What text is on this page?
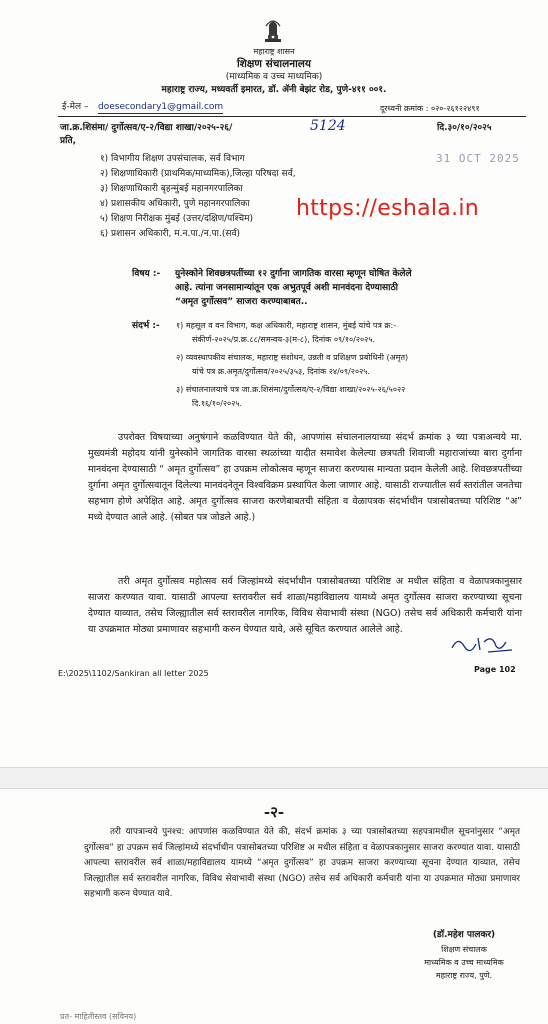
महाराष्ट्र शासन
शिक्षण संचालनालय
(माध्यमिक व उच्च माध्यमिक)
महाराष्ट्र राज्य, मध्यवर्ती इमारत, डॉ. ॲनी बेझंट रोड, पुणे-४११ ००१.
ई-मेल – doesecondary1@gmail.com	दूरध्वनी क्रमांक : ०२०-२६१२२४९१
जा.क्र.शिसंमा/ दुर्गोत्सव/ए-२/विद्या शाखा/२०२५-२६/	5124	दि.३०/१०/२०२५
प्रति,
31 OCT 2025
१) विभागीय शिक्षण उपसंचालक, सर्व विभाग
२) शिक्षणाधिकारी (प्राथमिक/माध्यमिक),जिल्हा परिषदा सर्व,
३) शिक्षणाधिकारी बृहन्मुंबई महानगरपालिका
४) प्रशासकीय अधिकारी, पुणे महानगरपालिका
५) शिक्षण निरीक्षक मुंबई (उत्तर/दक्षिण/पश्चिम)
६) प्रशासन अधिकारी, म.न.पा./न.पा.(सर्व)
https://eshala.in
विषय :- युनेस्कोने शिवछत्रपतींच्या १२ दुर्गाना जागतिक वारसा म्हणून घोषित केलेले
आहे. त्यांना जनसामान्यांतून एक अभुतपूर्व अशी मानवंदना देण्यासाठी
“अमृत दुर्गोत्सव” साजरा करण्याबाबत..
संदर्भ :- १) महसूल व वन विभाग, कक्ष अधिकारी, महाराष्ट्र शासन, मुंबई यांचे पत्र क्र:-
संकीर्ण-२०२५/प्र.क्र.८८/समन्वय-३(म-८), दिनांक ०९/१०/२०२५.
२) व्यवस्थापकीय संचालक, महाराष्ट्र संशोधन, उन्नती व प्रशिक्षण प्रबोधिनी (अमृत)
यांचे पत्र क्र.अमृत/दुर्गोत्सव/२०२५/३५३, दिनांक २४/०९/२०२५.
३) संचालनालयाचे पत्र जा.क्र.शिसंमा/दुर्गोत्सव/ए-२/विद्या शाखा/२०२५-२६/५०२२
दि.१६/१०/२०२५.
उपरोक्त विषयाच्या अनुषंगाने कळविण्यात येते की, आपणांस संचालनालयाच्या संदर्भ क्रमांक ३ च्या पत्राअन्वये मा. मुख्यमंत्री महोदय यांनी युनेस्कोने जागतिक वारसा स्थळांच्या यादीत समावेश केलेल्या छत्रपती शिवाजी महाराजांच्या बारा दुर्गाना मानवंदना देण्यासाठी “ अमृत दुर्गोत्सव” हा उपक्रम लोकोत्सव म्हणून साजरा करण्यास मान्यता प्रदान केलेली आहे. शिवछत्रपतींच्या दुर्गाना अमृत दुर्गोत्सवातून दिलेल्या मानवंदनेतून विश्वविक्रम प्रस्थापित केला जाणार आहे. यासाठी राज्यातील सर्व स्तरांतील जनतेचा सहभाग होणे अपेक्षित आहे. अमृत दुर्गोत्सव साजरा करणेबाबतची संहिता व वेळापत्रक संदर्भाधीन पत्रासोबतच्या परिशिष्ट “अ” मध्ये देण्यात आले आहे. (सोबत पत्र जोडले आहे.)
तरी अमृत दुर्गोत्सव महोत्सव सर्व जिल्हांमध्ये संदर्भाधीन पत्रासोबतच्या परिशिष्ट अ मधील संहिता व वेळापत्रकानुसार साजरा करण्यात यावा. यासाठी आपल्या स्तरावरील सर्व शाळा/महाविद्यालय यामध्ये अमृत दुर्गोत्सव साजरा करण्याच्या सूचना देण्यात याव्यात, तसेच जिल्ह्यातील सर्व स्तरावरील नागरिक, विविध सेवाभावी संस्था (NGO) तसेच सर्व अधिकारी कर्मचारी यांना या उपक्रमात मोठ्या प्रमाणावर सहभागी करुन घेण्यात यावे, असे सूचित करण्यात आलेले आहे.
E:\2025\1102/Sankiran all letter 2025	Page 102
-२-
तरी यापत्रान्वये पुनश्च: आपणांस कळविण्यात येते की, संदर्भ क्रमांक ३ च्या पत्रासोबतच्या सहपत्रामधील सूचनांनुसार “अमृत दुर्गोत्सव” हा उपक्रम सर्व जिल्हांमध्ये संदर्भाधीन पत्रासोबतच्या परिशिष्ट अ मधील संहिता व वेळापत्रकानुसार साजरा करण्यात यावा. यासाठी आपल्या स्तरावरील सर्व शाळा/महाविद्यालय यामध्ये “अमृत दुर्गोत्सव” हा उपक्रम साजरा करण्याच्या सूचना देण्यात याव्यात, तसेच जिल्ह्यातील सर्व स्तरावरील नागरिक, विविध सेवाभावी संस्था (NGO) तसेच सर्व अधिकारी कर्मचारी यांना या उपक्रमात मोठ्या प्रमाणावर सहभागी करुन घेण्यात यावे.
(डॉ.महेश पालकर)
शिक्षण संचालक
माध्यमिक व उच्च माध्यमिक
महाराष्ट्र राज्य, पुणे.
प्रत- माहितीस्तव (सविनय)
